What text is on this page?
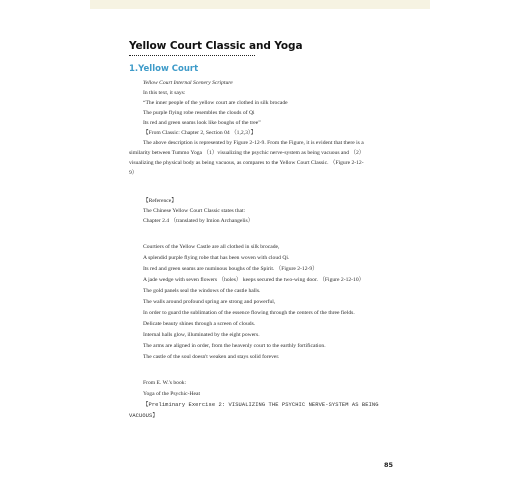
Yellow Court Classic and Yoga
1.Yellow Court

Yellow Court Internal Scenery Scripture

In this text, it says:

“The inner people of the yellow court are clothed in silk brocade

The purple flying robe resembles the clouds of Qi

Its red and green seams look like boughs of the tree”

【From Classic: Chapter 2, Section 04 （1,2,3）】

The above description is represented by Figure 2-12-9. From the Figure, it is evident that there is a

similarity between Tummo Yoga （1）visualizing the psychic nerve-system as being vacuous and （2）

visualizing the physical body as being vacuous, as compares to the Yellow Court Classic. （Figure 2-12-

9）

【Reference】

The Chinese Yellow Court Classic states that:

Chapter 2.4 （translated by Imion Archangelis）

Courtiers of the Yellow Castle are all clothed in silk brocade,

A splendid purple flying robe that has been woven with cloud Qi.

Its red and green seams are numinous boughs of the Spirit. （Figure 2-12-9）

A jade wedge with seven flowers （holes） keeps secured the two-wing door. （Figure 2-12-10）

The gold panels seal the windows of the castle halls.

The walls around profound spring are strong and powerful,

In order to guard the sublimation of the essence flowing through the centers of the three fields.

Delicate beauty shines through a screen of clouds.

Internal halls glow, illuminated by the eight powers.

The arms are aligned in order, from the heavenly court to the earthly fortification.

The castle of the soul doesn't weaken and stays solid forever.

From E. W.'s book:

Yoga of the Psychic-Heat

【Preliminary Exercise 2: VISUALIZING THE PSYCHIC NERVE-SYSTEM AS BEING

VACUOUS】

85
